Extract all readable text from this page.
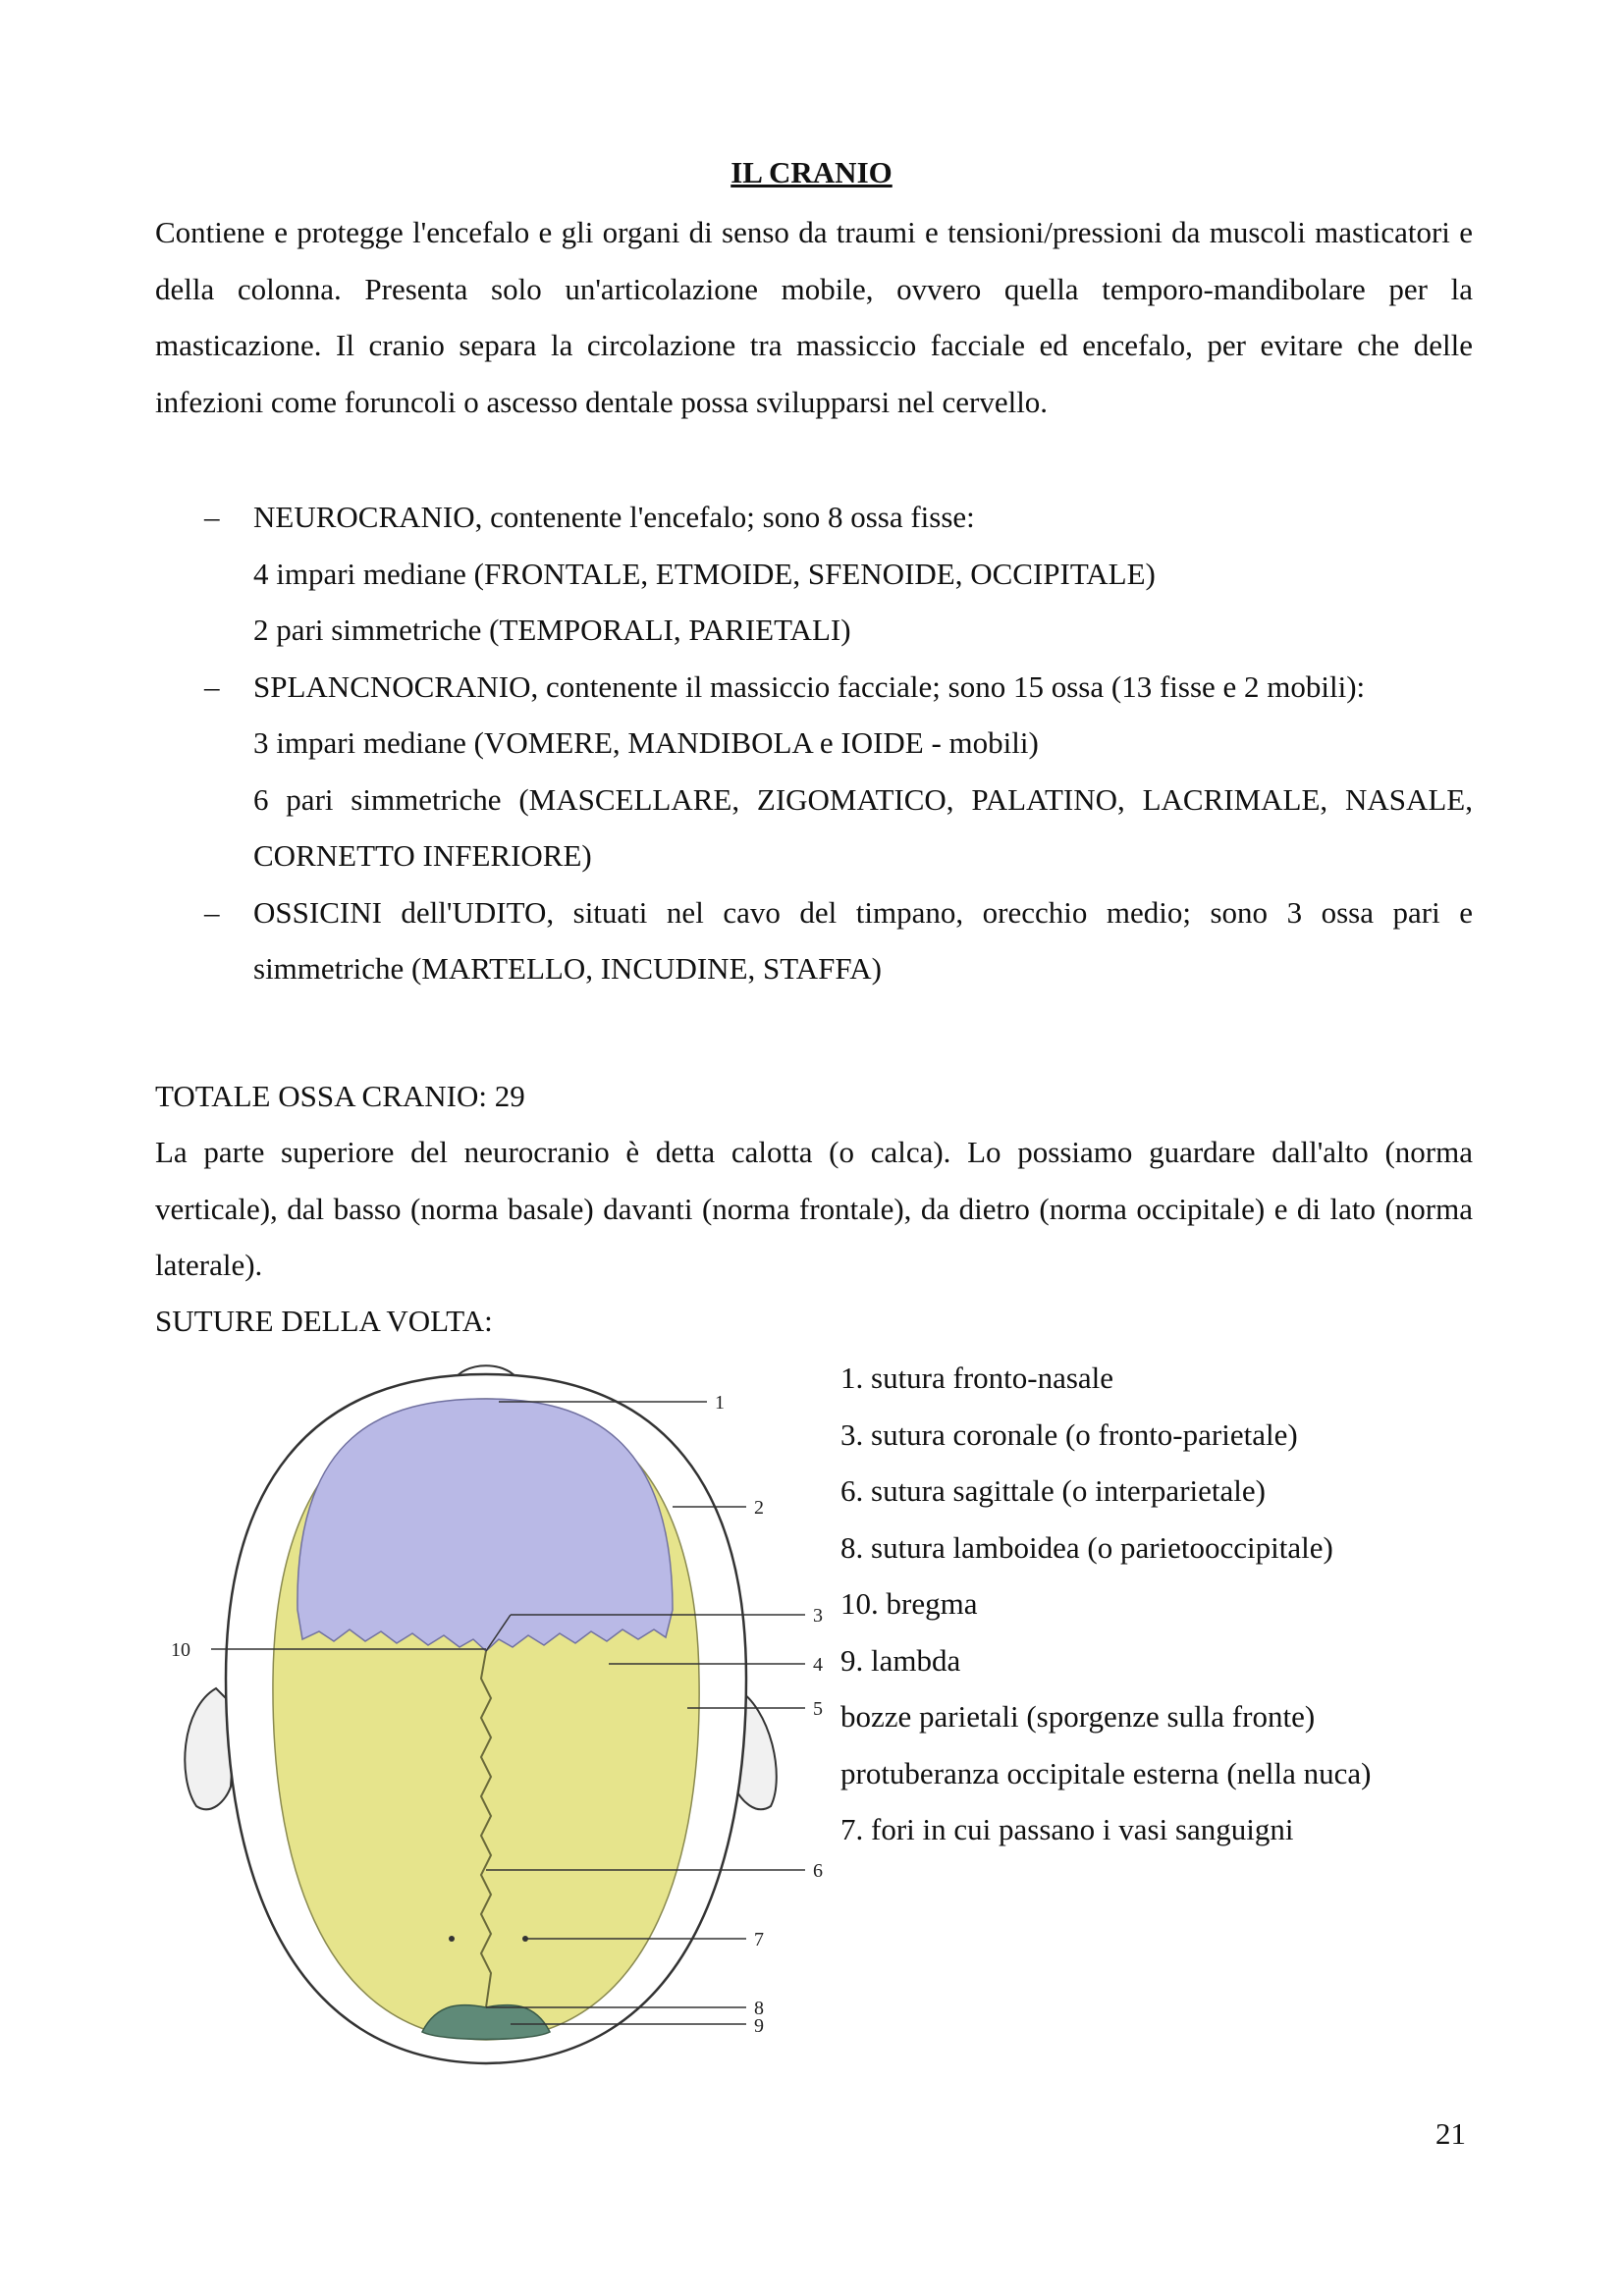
IL CRANIO

Contiene e protegge l'encefalo e gli organi di senso da traumi e tensioni/pressioni da muscoli masticatori e della colonna. Presenta solo un'articolazione mobile, ovvero quella temporo-mandibolare per la masticazione. Il cranio separa la circolazione tra massiccio facciale ed encefalo, per evitare che delle infezioni come foruncoli o ascesso dentale possa svilupparsi nel cervello.

– NEUROCRANIO, contenente l'encefalo; sono 8 ossa fisse:
4 impari mediane (FRONTALE, ETMOIDE, SFENOIDE, OCCIPITALE)
2 pari simmetriche (TEMPORALI, PARIETALI)
– SPLANCNOCRANIO, contenente il massiccio facciale; sono 15 ossa (13 fisse e 2 mobili):
3 impari mediane (VOMERE, MANDIBOLA e IOIDE - mobili)
6 pari simmetriche (MASCELLARE, ZIGOMATICO, PALATINO, LACRIMALE, NASALE, CORNETTO INFERIORE)
– OSSICINI dell'UDITO, situati nel cavo del timpano, orecchio medio; sono 3 ossa pari e simmetriche (MARTELLO, INCUDINE, STAFFA)

TOTALE OSSA CRANIO: 29

La parte superiore del neurocranio è detta calotta (o calca). Lo possiamo guardare dall'alto (norma verticale), dal basso (norma basale) davanti (norma frontale), da dietro (norma occipitale) e di lato (norma laterale).

SUTURE DELLA VOLTA:

1
2
3
4
5
6
7
8
9
10
1. sutura fronto-nasale
3. sutura coronale (o fronto-parietale)
6. sutura sagittale (o interparietale)
8. sutura lamboidea (o parietooccipitale)
10. bregma
9. lambda
bozze parietali (sporgenze sulla fronte)
protuberanza occipitale esterna (nella nuca)
7. fori in cui passano i vasi sanguigni
21
